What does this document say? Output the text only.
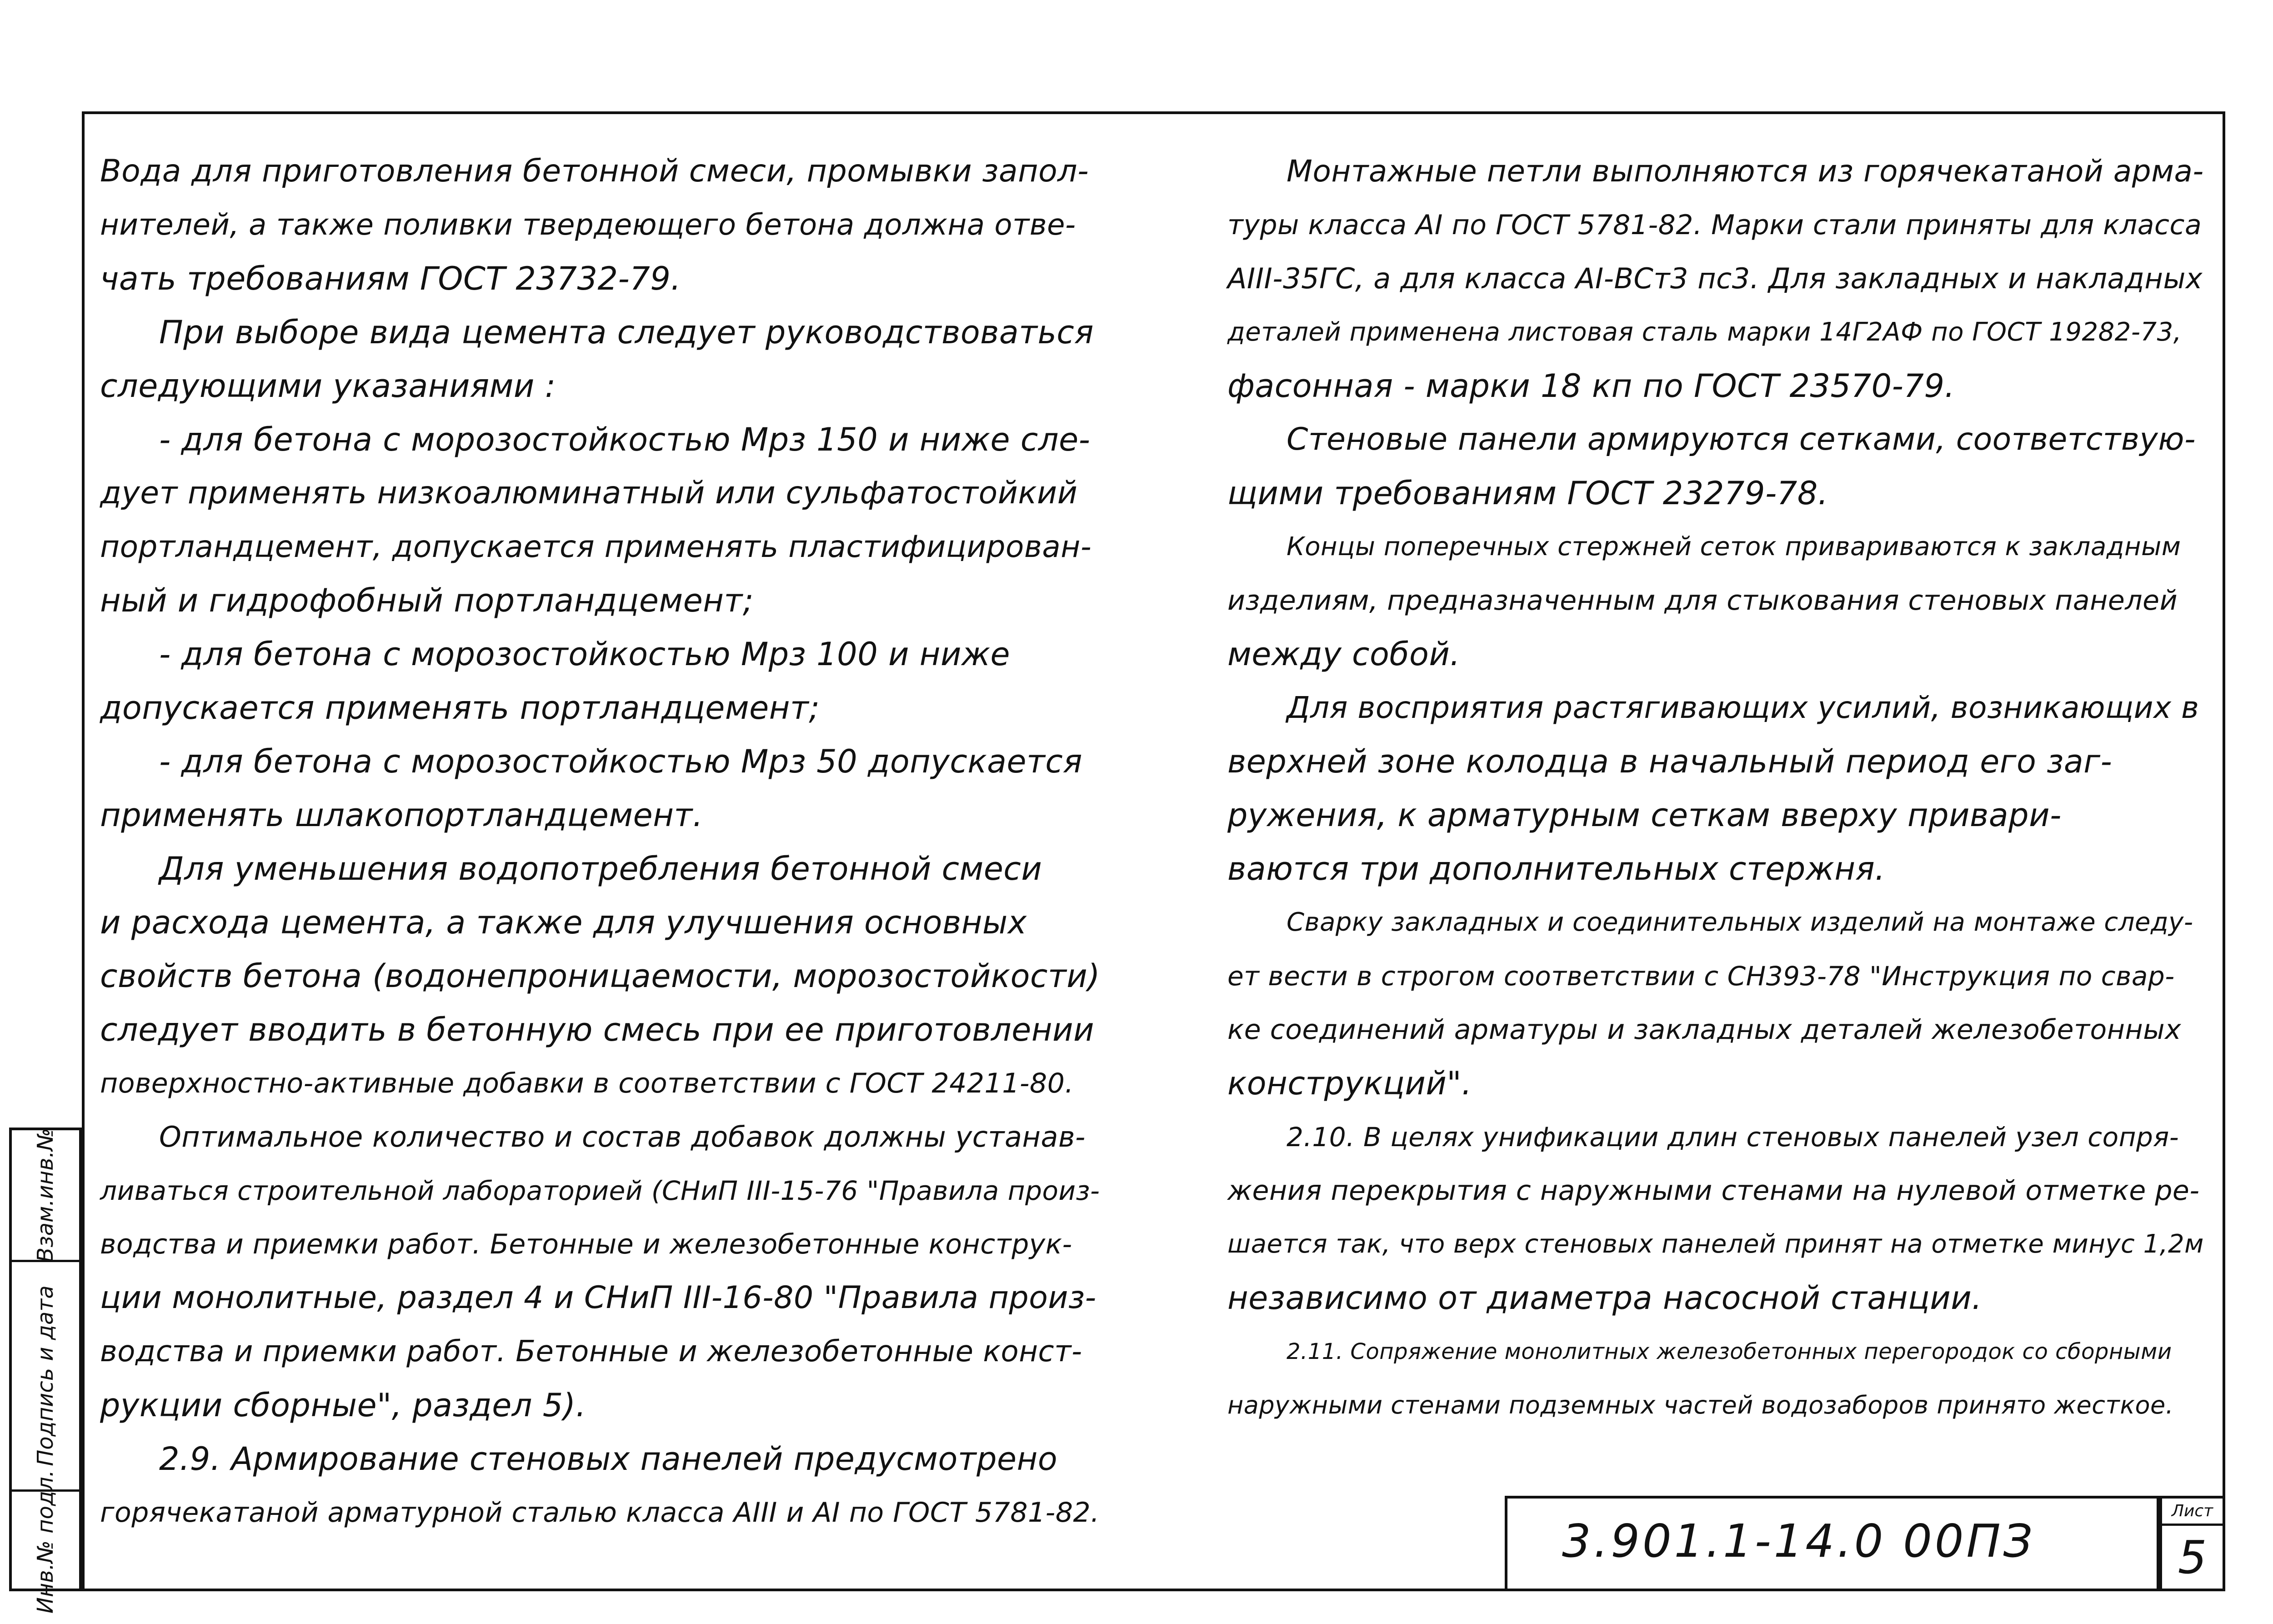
Вода для приготовления бетонной смеси, промывки запол-

нителей, а также поливки твердеющего бетона должна отве-

чать требованиям ГОСТ 23732-79.

При выборе вида цемента следует руководствоваться

следующими указаниями :

- для бетона с морозостойкостью Мрз 150 и ниже сле-

дует применять низкоалюминатный или сульфатостойкий

портландцемент, допускается применять пластифицирован-

ный и гидрофобный портландцемент;

- для бетона с морозостойкостью Мрз 100 и ниже

допускается применять портландцемент;

- для бетона с морозостойкостью Мрз 50 допускается

применять шлакопортландцемент.

Для уменьшения водопотребления бетонной смеси

и расхода цемента, а также для улучшения основных

свойств бетона (водонепроницаемости, морозостойкости)

следует вводить в бетонную смесь при ее приготовлении

поверхностно-активные добавки в соответствии с ГОСТ 24211-80.

Оптимальное количество и состав добавок должны устанав-

ливаться строительной лабораторией (СНиП III-15-76 "Правила произ-

водства и приемки работ. Бетонные и железобетонные конструк-

ции монолитные, раздел 4 и СНиП III-16-80 "Правила произ-

водства и приемки работ. Бетонные и железобетонные конст-

рукции сборные", раздел 5).

2.9. Армирование стеновых панелей предусмотрено

горячекатаной арматурной сталью класса АIII и АI по ГОСТ 5781-82.

Монтажные петли выполняются из горячекатаной арма-

туры класса АI по ГОСТ 5781-82. Марки стали приняты для класса

АIII-35ГС, а для класса АI-ВСт3 пс3. Для закладных и накладных

деталей применена листовая сталь марки 14Г2АФ по ГОСТ 19282-73,

фасонная - марки 18 кп по ГОСТ 23570-79.

Стеновые панели армируются сетками, соответствую-

щими требованиям ГОСТ 23279-78.

Концы поперечных стержней сеток привариваются к закладным

изделиям, предназначенным для стыкования стеновых панелей

между собой.

Для восприятия растягивающих усилий, возникающих в

верхней зоне колодца в начальный период его заг-

ружения, к арматурным сеткам вверху привари-

ваются три дополнительных стержня.

Сварку закладных и соединительных изделий на монтаже следу-

ет вести в строгом соответствии с СН393-78 "Инструкция по свар-

ке соединений арматуры и закладных деталей железобетонных

конструкций".

2.10. В целях унификации длин стеновых панелей узел сопря-

жения перекрытия с наружными стенами на нулевой отметке ре-

шается так, что верх стеновых панелей принят на отметке минус 1,2м

независимо от диаметра насосной станции.

2.11. Сопряжение монолитных железобетонных перегородок со сборными

наружными стенами подземных частей водозаборов принято жесткое.

Инв.№ подл.
Подпись и дата
Взам.инв.№
3.901.1-14.0 00ПЗ
Лист
5
